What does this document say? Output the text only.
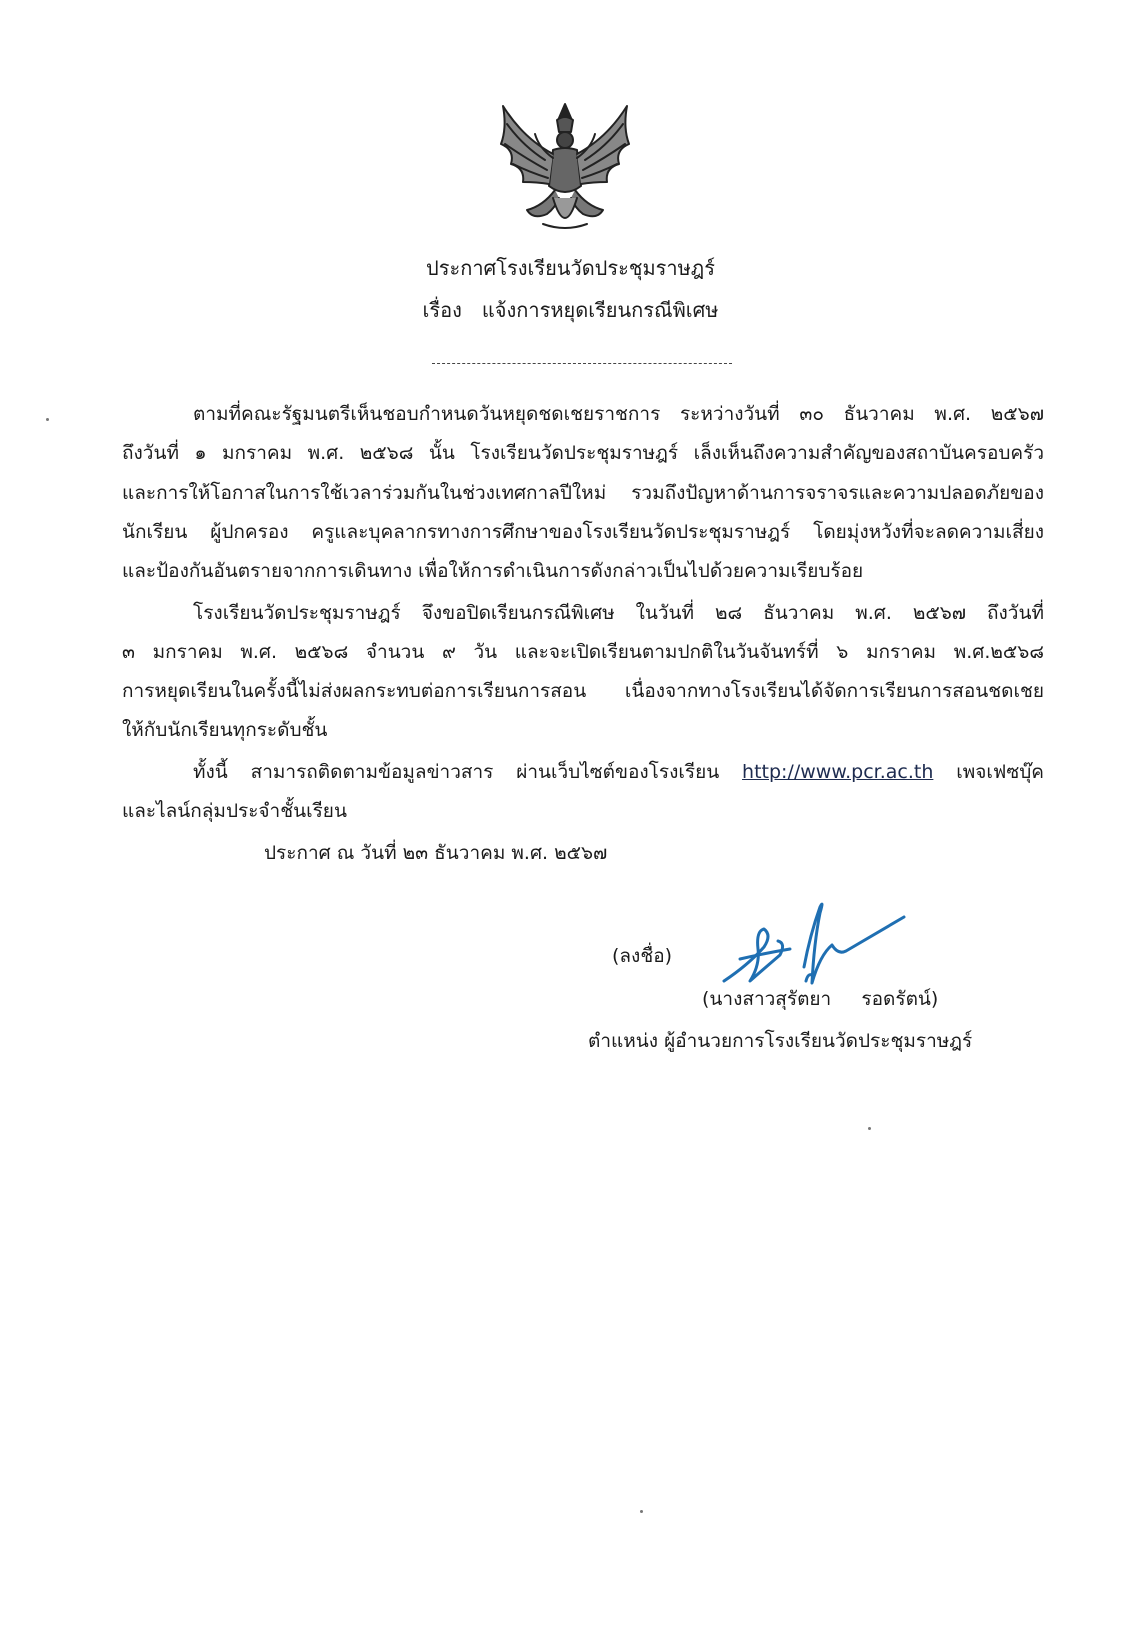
ประกาศโรงเรียนวัดประชุมราษฎร์
เรื่อง แจ้งการหยุดเรียนกรณีพิเศษ
ตามที่คณะรัฐมนตรีเห็นชอบกำหนดวันหยุดชดเชยราชการ ระหว่างวันที่ ๓๐ ธันวาคม พ.ศ. ๒๕๖๗
ถึงวันที่ ๑ มกราคม พ.ศ. ๒๕๖๘ นั้น โรงเรียนวัดประชุมราษฎร์ เล็งเห็นถึงความสำคัญของสถาบันครอบครัว
และการให้โอกาสในการใช้เวลาร่วมกันในช่วงเทศกาลปีใหม่ รวมถึงปัญหาด้านการจราจรและความปลอดภัยของ
นักเรียน ผู้ปกครอง ครูและบุคลากรทางการศึกษาของโรงเรียนวัดประชุมราษฎร์ โดยมุ่งหวังที่จะลดความเสี่ยง
และป้องกันอันตรายจากการเดินทาง เพื่อให้การดำเนินการดังกล่าวเป็นไปด้วยความเรียบร้อย
โรงเรียนวัดประชุมราษฎร์ จึงขอปิดเรียนกรณีพิเศษ ในวันที่ ๒๘ ธันวาคม พ.ศ. ๒๕๖๗ ถึงวันที่
๓ มกราคม พ.ศ. ๒๕๖๘ จำนวน ๙ วัน และจะเปิดเรียนตามปกติในวันจันทร์ที่ ๖ มกราคม พ.ศ.๒๕๖๘
การหยุดเรียนในครั้งนี้ไม่ส่งผลกระทบต่อการเรียนการสอน เนื่องจากทางโรงเรียนได้จัดการเรียนการสอนชดเชย
ให้กับนักเรียนทุกระดับชั้น
ทั้งนี้ สามารถติดตามข้อมูลข่าวสาร ผ่านเว็บไซต์ของโรงเรียน http://www.pcr.ac.th เพจเฟซบุ๊ค
และไลน์กลุ่มประจำชั้นเรียน
ประกาศ ณ วันที่ ๒๓ ธันวาคม พ.ศ. ๒๕๖๗
(ลงชื่อ)
(นางสาวสุรัตยา     รอดรัตน์)
ตำแหน่ง ผู้อำนวยการโรงเรียนวัดประชุมราษฎร์
